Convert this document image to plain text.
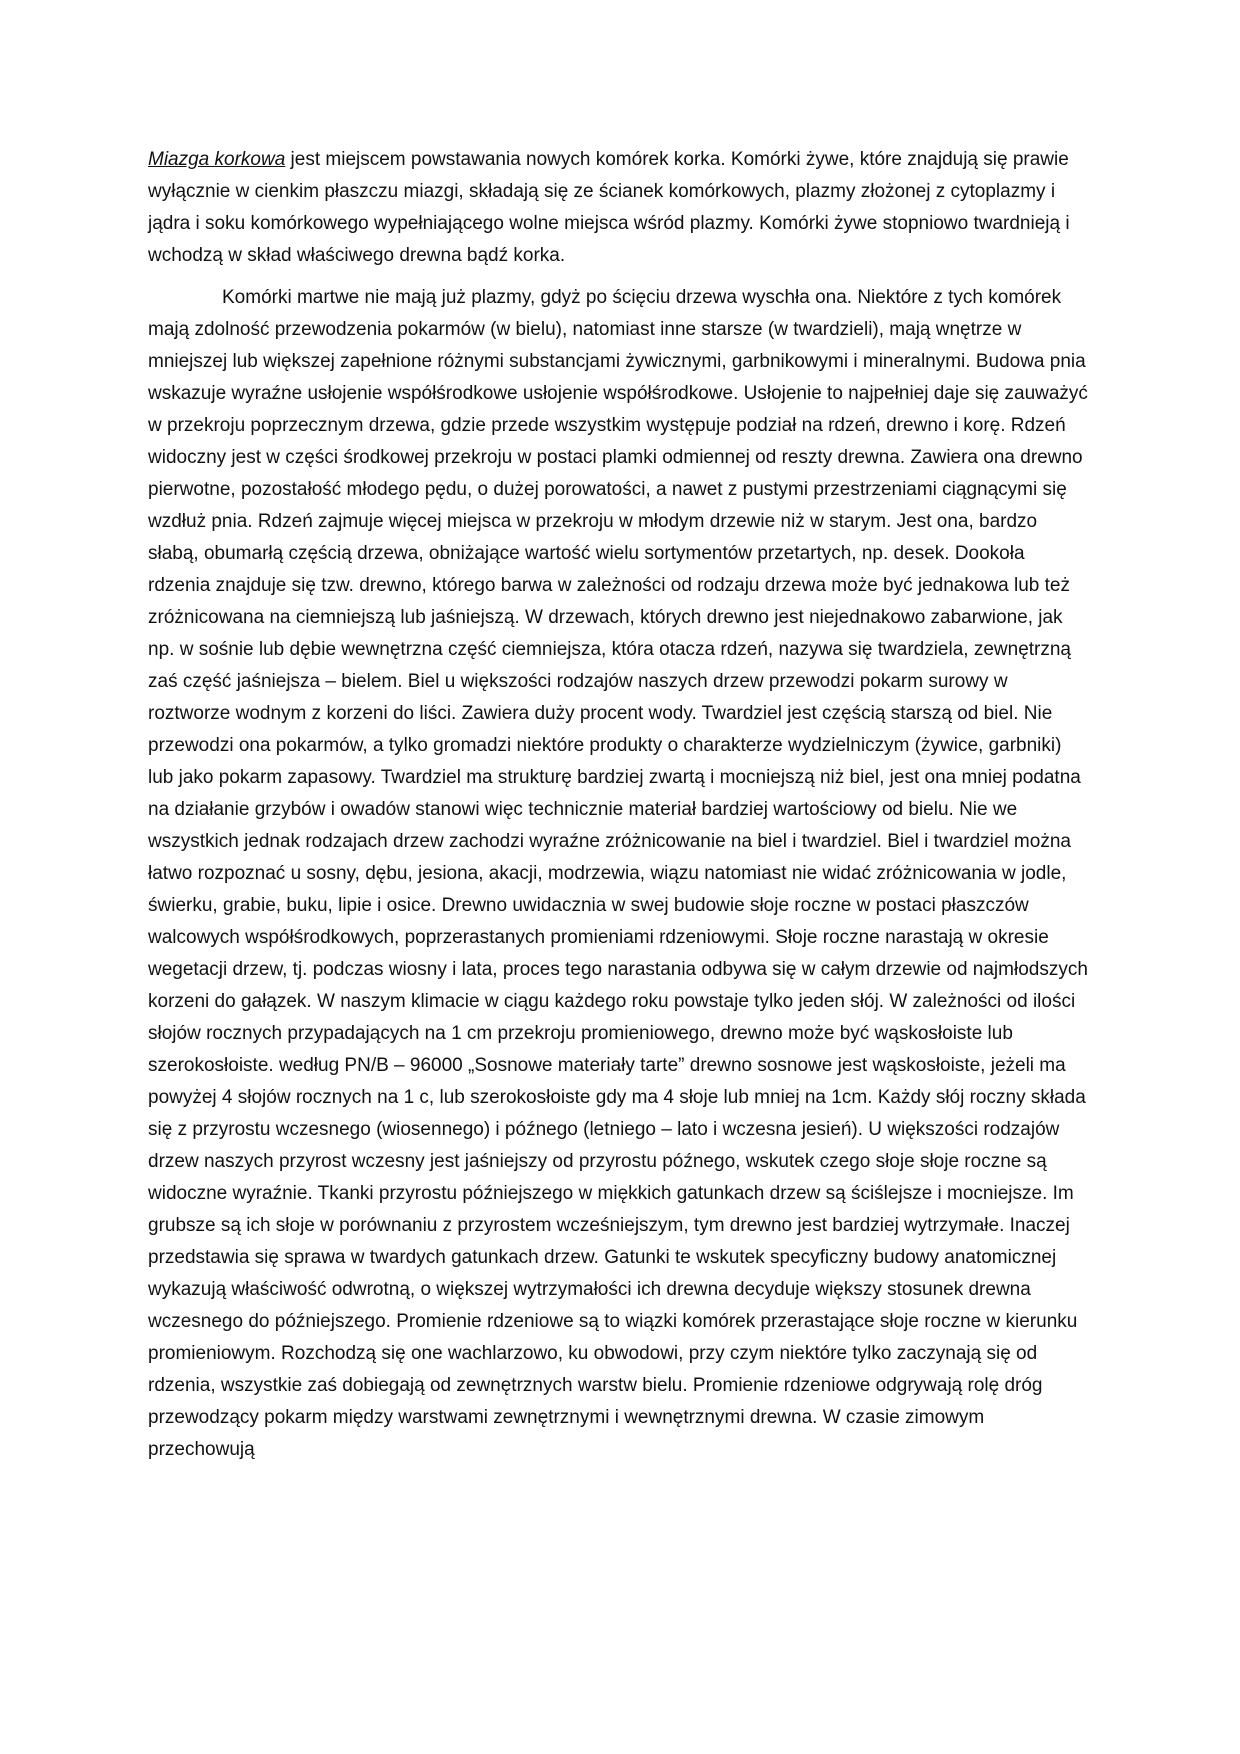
Miazga korkowa jest miejscem powstawania nowych komórek korka. Komórki żywe, które znajdują się prawie wyłącznie w cienkim płaszczu miazgi, składają się ze ścianek komórkowych, plazmy złożonej z cytoplazmy i jądra i soku komórkowego wypełniającego wolne miejsca wśród plazmy. Komórki żywe stopniowo twardnieją i wchodzą w skład właściwego drewna bądź korka.

Komórki martwe nie mają już plazmy, gdyż po ścięciu drzewa wyschła ona. Niektóre z tych komórek mają zdolność przewodzenia pokarmów (w bielu), natomiast inne starsze (w twardzieli), mają wnętrze w mniejszej lub większej zapełnione różnymi substancjami żywicznymi, garbnikowymi i mineralnymi. Budowa pnia wskazuje wyraźne usłojenie współśrodkowe usłojenie współśrodkowe. Usłojenie to najpełniej daje się zauważyć w przekroju poprzecznym drzewa, gdzie przede wszystkim występuje podział na rdzeń, drewno i korę. Rdzeń widoczny jest w części środkowej przekroju w postaci plamki odmiennej od reszty drewna. Zawiera ona drewno pierwotne, pozostałość młodego pędu, o dużej porowatości, a nawet z pustymi przestrzeniami ciągnącymi się wzdłuż pnia. Rdzeń zajmuje więcej miejsca w przekroju w młodym drzewie niż w starym. Jest ona, bardzo słabą, obumarłą częścią drzewa, obniżające wartość wielu sortymentów przetartych, np. desek. Dookoła rdzenia znajduje się tzw. drewno, którego barwa w zależności od rodzaju drzewa może być jednakowa lub też zróżnicowana na ciemniejszą lub jaśniejszą. W drzewach, których drewno jest niejednakowo zabarwione, jak np. w sośnie lub dębie wewnętrzna część ciemniejsza, która otacza rdzeń, nazywa się twardziela, zewnętrzną zaś część jaśniejsza – bielem. Biel u większości rodzajów naszych drzew przewodzi pokarm surowy w roztworze wodnym z korzeni do liści. Zawiera duży procent wody. Twardziel jest częścią starszą od biel. Nie przewodzi ona pokarmów, a tylko gromadzi niektóre produkty o charakterze wydzielniczym (żywice, garbniki) lub jako pokarm zapasowy. Twardziel ma strukturę bardziej zwartą i mocniejszą niż biel, jest ona mniej podatna na działanie grzybów i owadów stanowi więc technicznie materiał bardziej wartościowy od bielu. Nie we wszystkich jednak rodzajach drzew zachodzi wyraźne zróżnicowanie na biel i twardziel. Biel i twardziel można łatwo rozpoznać u sosny, dębu, jesiona, akacji, modrzewia, wiązu natomiast nie widać zróżnicowania w jodle, świerku, grabie, buku, lipie i osice. Drewno uwidacznia w swej budowie słoje roczne w postaci płaszczów walcowych współśrodkowych, poprzerastanych promieniami rdzeniowymi. Słoje roczne narastają w okresie wegetacji drzew, tj. podczas wiosny i lata, proces tego narastania odbywa się w całym drzewie od najmłodszych korzeni do gałązek. W naszym klimacie w ciągu każdego roku powstaje tylko jeden słój. W zależności od ilości słojów rocznych przypadających na 1 cm przekroju promieniowego, drewno może być wąskosłoiste lub szerokosłoiste. według PN/B – 96000 „Sosnowe materiały tarte” drewno sosnowe jest wąskosłoiste, jeżeli ma powyżej 4 słojów rocznych na 1 c, lub szerokosłoiste gdy ma 4 słoje lub mniej na 1cm. Każdy słój roczny składa się z przyrostu wczesnego (wiosennego) i późnego (letniego – lato i wczesna jesień). U większości rodzajów drzew naszych przyrost wczesny jest jaśniejszy od przyrostu późnego, wskutek czego słoje słoje roczne są widoczne wyraźnie. Tkanki przyrostu późniejszego w miękkich gatunkach drzew są ściślejsze i mocniejsze. Im grubsze są ich słoje w porównaniu z przyrostem wcześniejszym, tym drewno jest bardziej wytrzymałe. Inaczej przedstawia się sprawa w twardych gatunkach drzew. Gatunki te wskutek specyficzny budowy anatomicznej wykazują właściwość odwrotną, o większej wytrzymałości ich drewna decyduje większy stosunek drewna wczesnego do późniejszego. Promienie rdzeniowe są to wiązki komórek przerastające słoje roczne w kierunku promieniowym. Rozchodzą się one wachlarzowo, ku obwodowi, przy czym niektóre tylko zaczynają się od rdzenia, wszystkie zaś dobiegają od zewnętrznych warstw bielu. Promienie rdzeniowe odgrywają rolę dróg przewodzący pokarm między warstwami zewnętrznymi i wewnętrznymi drewna. W czasie zimowym przechowują
